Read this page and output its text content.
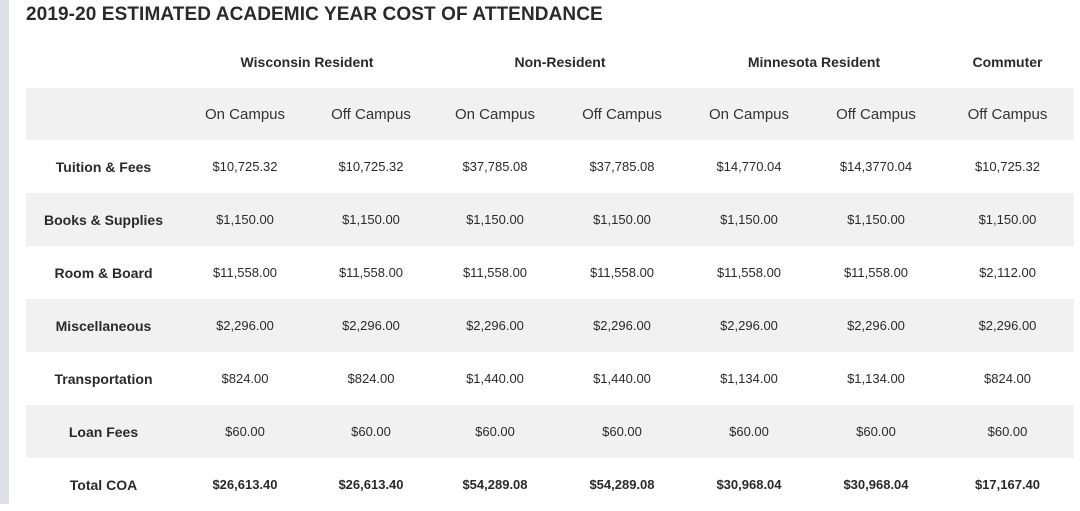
2019-20 ESTIMATED ACADEMIC YEAR COST OF ATTENDANCE
	Wisconsin Resident		Non-Resident		Minnesota Resident		Commuter
	On Campus	Off Campus	On Campus	Off Campus	On Campus	Off Campus	Off Campus
Tuition & Fees	$10,725.32	$10,725.32	$37,785.08	$37,785.08	$14,770.04	$14,3770.04	$10,725.32
Books & Supplies	$1,150.00	$1,150.00	$1,150.00	$1,150.00	$1,150.00	$1,150.00	$1,150.00
Room & Board	$11,558.00	$11,558.00	$11,558.00	$11,558.00	$11,558.00	$11,558.00	$2,112.00
Miscellaneous	$2,296.00	$2,296.00	$2,296.00	$2,296.00	$2,296.00	$2,296.00	$2,296.00
Transportation	$824.00	$824.00	$1,440.00	$1,440.00	$1,134.00	$1,134.00	$824.00
Loan Fees	$60.00	$60.00	$60.00	$60.00	$60.00	$60.00	$60.00
Total COA	$26,613.40	$26,613.40	$54,289.08	$54,289.08	$30,968.04	$30,968.04	$17,167.40
